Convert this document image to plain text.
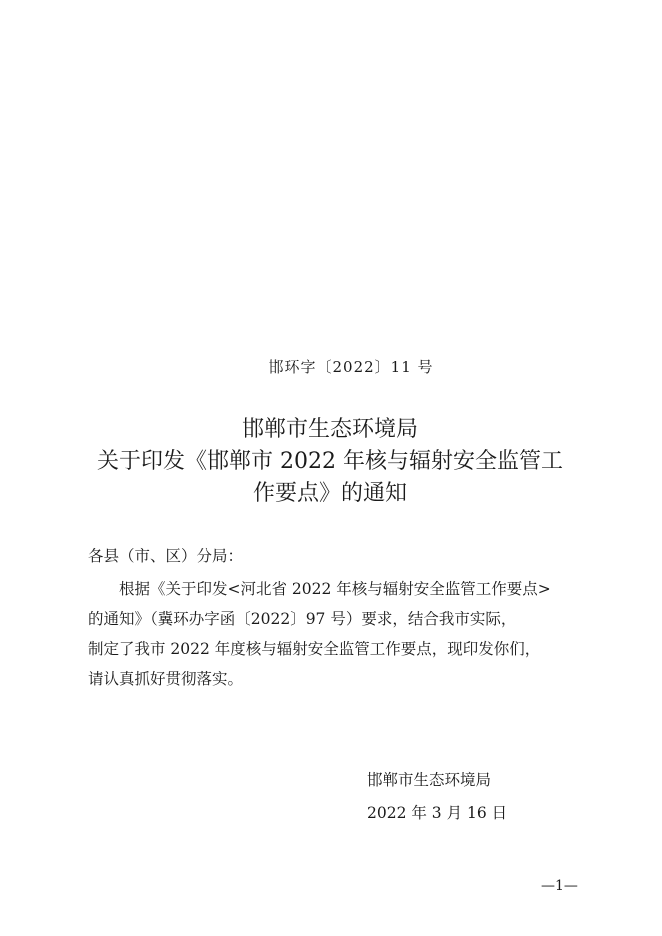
邯环字〔2022〕11 号
邯郸市生态环境局
关于印发《邯郸市 2022 年核与辐射安全监管工
作要点》的通知
各县（市、区）分局：
根据《关于印发<河北省 2022 年核与辐射安全监管工作要点>
的通知》（冀环办字函〔2022〕97 号）要求，结合我市实际，
制定了我市 2022 年度核与辐射安全监管工作要点，现印发你们，
请认真抓好贯彻落实。
邯郸市生态环境局
2022 年 3 月 16 日
—1—
